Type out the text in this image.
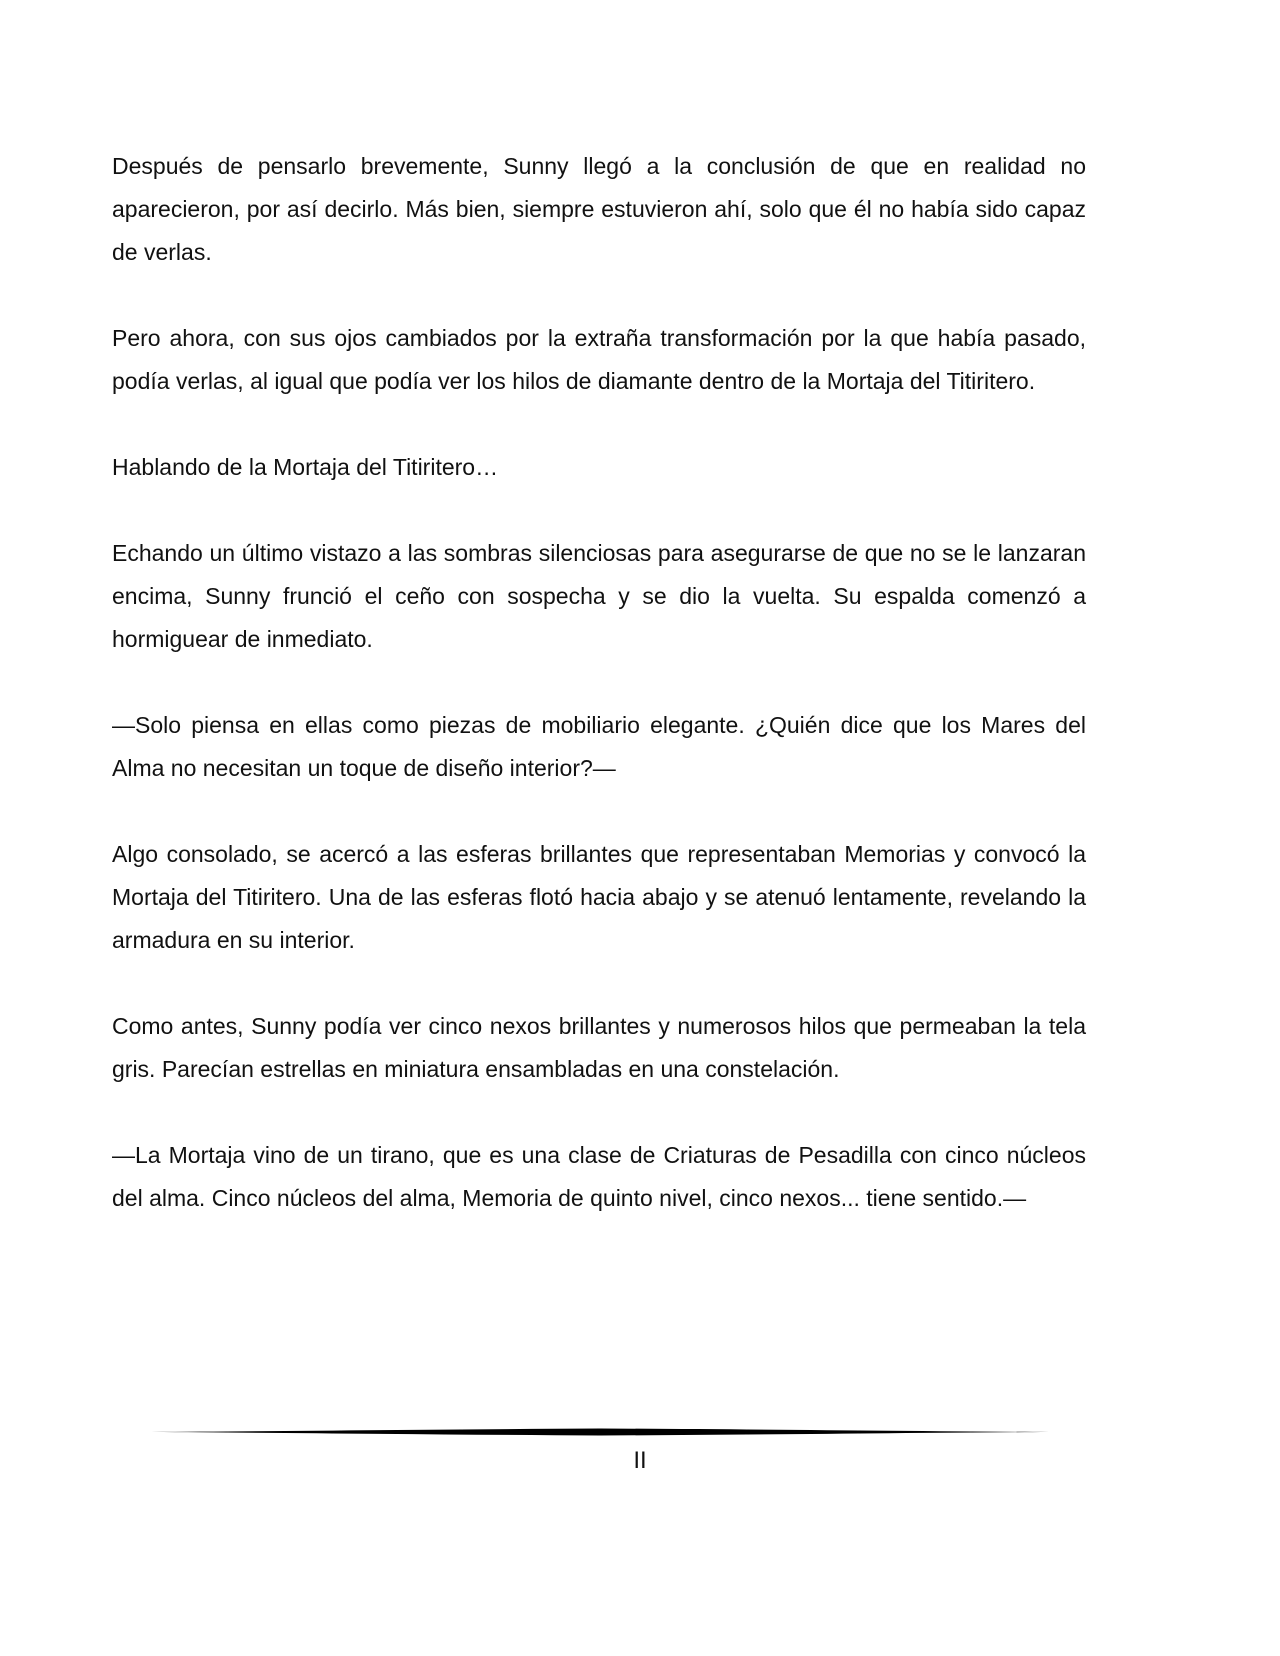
Después de pensarlo brevemente, Sunny llegó a la conclusión de que en realidad no aparecieron, por así decirlo. Más bien, siempre estuvieron ahí, solo que él no había sido capaz de verlas.

Pero ahora, con sus ojos cambiados por la extraña transformación por la que había pasado, podía verlas, al igual que podía ver los hilos de diamante dentro de la Mortaja del Titiritero.

Hablando de la Mortaja del Titiritero…

Echando un último vistazo a las sombras silenciosas para asegurarse de que no se le lanzaran encima, Sunny frunció el ceño con sospecha y se dio la vuelta. Su espalda comenzó a hormiguear de inmediato.

—Solo piensa en ellas como piezas de mobiliario elegante. ¿Quién dice que los Mares del Alma no necesitan un toque de diseño interior?—

Algo consolado, se acercó a las esferas brillantes que representaban Memorias y convocó la Mortaja del Titiritero. Una de las esferas flotó hacia abajo y se atenuó lentamente, revelando la armadura en su interior.

Como antes, Sunny podía ver cinco nexos brillantes y numerosos hilos que permeaban la tela gris. Parecían estrellas en miniatura ensambladas en una constelación.

—La Mortaja vino de un tirano, que es una clase de Criaturas de Pesadilla con cinco núcleos del alma. Cinco núcleos del alma, Memoria de quinto nivel, cinco nexos... tiene sentido.—

II
